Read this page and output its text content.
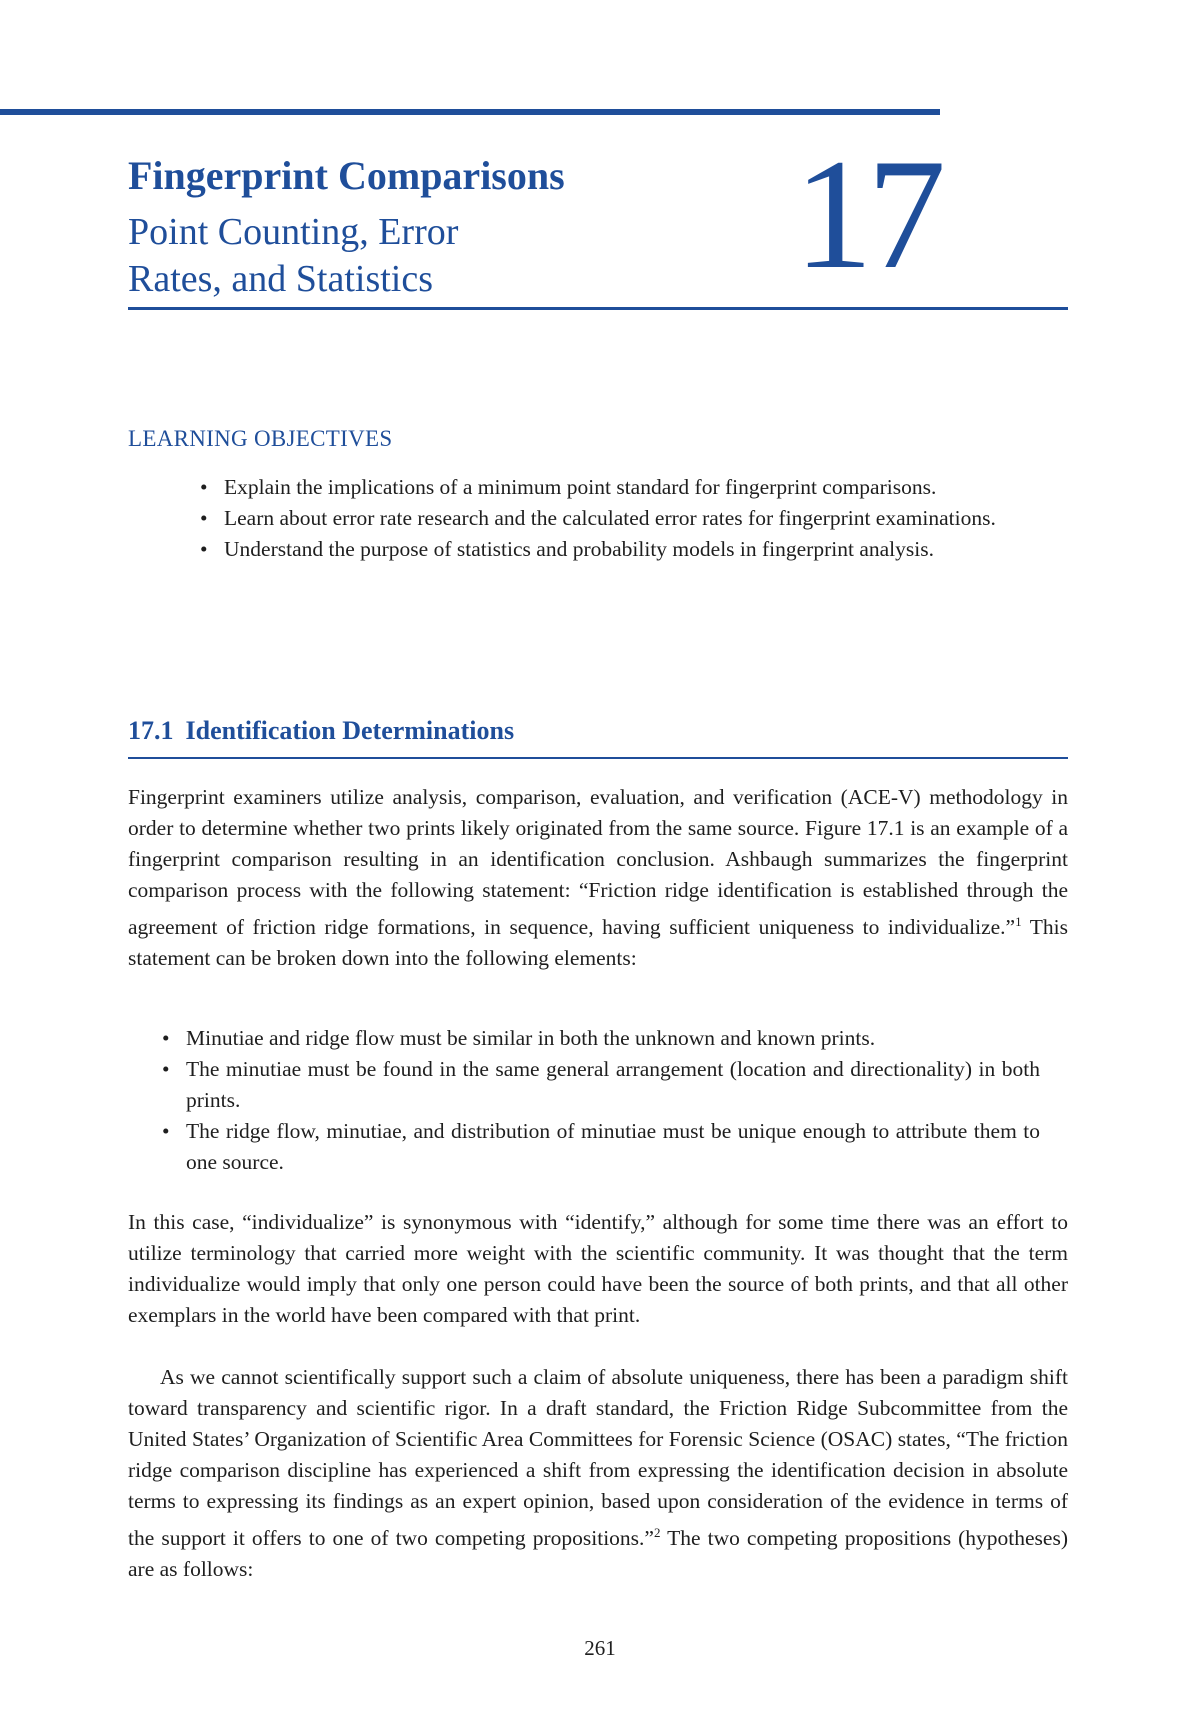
Fingerprint Comparisons
Point Counting, Error
Rates, and Statistics 17
LEARNING OBJECTIVES
• Explain the implications of a minimum point standard for fingerprint comparisons.
• Learn about error rate research and the calculated error rates for fingerprint examinations.
• Understand the purpose of statistics and probability models in fingerprint analysis.
17.1 Identification Determinations

Fingerprint examiners utilize analysis, comparison, evaluation, and verification (ACE-V) methodology in order to determine whether two prints likely originated from the same source. Figure 17.1 is an example of a fingerprint comparison resulting in an identification conclusion. Ashbaugh summarizes the fingerprint comparison process with the following statement: “Friction ridge identification is established through the agreement of friction ridge formations, in sequence, having sufficient uniqueness to individualize.”$^1$ This statement can be broken down into the following elements:

• Minutiae and ridge flow must be similar in both the unknown and known prints.
• The minutiae must be found in the same general arrangement (location and directionality) in both prints.
• The ridge flow, minutiae, and distribution of minutiae must be unique enough to attribute them to one source.

In this case, “individualize” is synonymous with “identify,” although for some time there was an effort to utilize terminology that carried more weight with the scientific community. It was thought that the term individualize would imply that only one person could have been the source of both prints, and that all other exemplars in the world have been compared with that print.

As we cannot scientifically support such a claim of absolute uniqueness, there has been a paradigm shift toward transparency and scientific rigor. In a draft standard, the Friction Ridge Subcommittee from the United States’ Organization of Scientific Area Committees for Forensic Science (OSAC) states, “The friction ridge comparison discipline has experienced a shift from expressing the identification decision in absolute terms to expressing its findings as an expert opinion, based upon consideration of the evidence in terms of the support it offers to one of two competing propositions.”$^2$ The two competing propositions (hypotheses) are as follows:

261
